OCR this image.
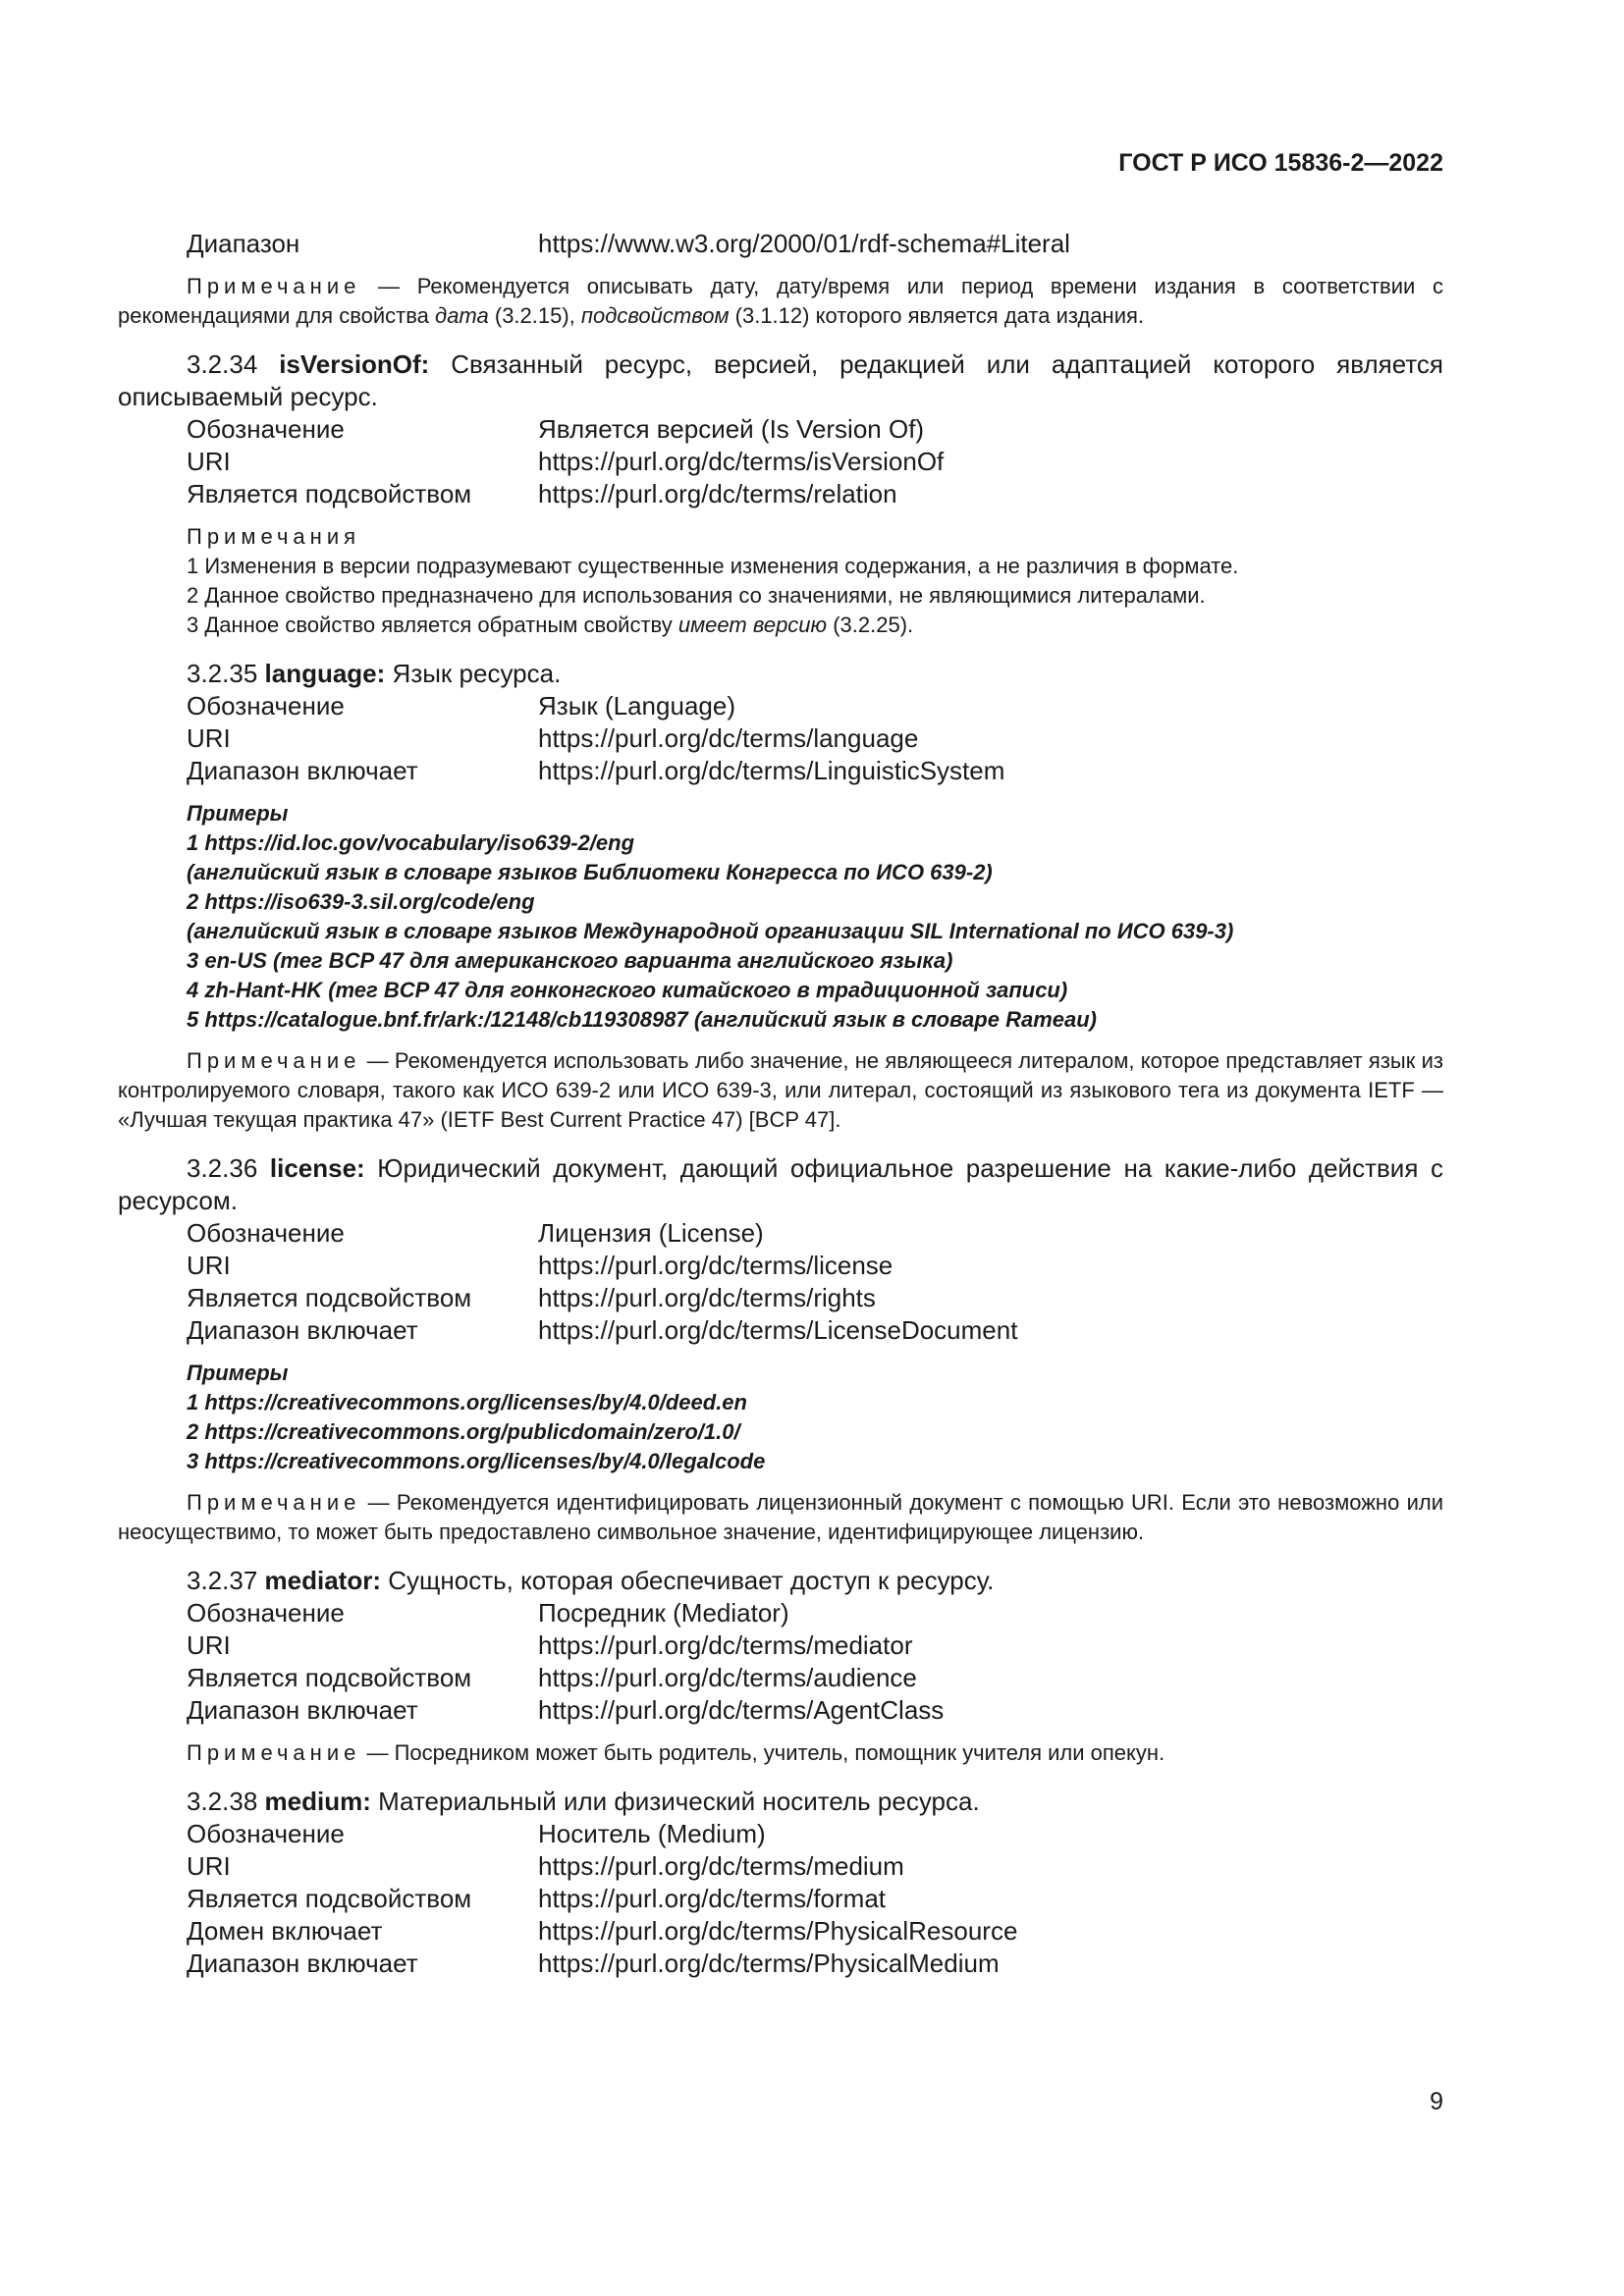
ГОСТ Р ИСО 15836-2—2022
Диапазон	https://www.w3.org/2000/01/rdf-schema#Literal

Примечание — Рекомендуется описывать дату, дату/время или период времени издания в соответствии с рекомендациями для свойства дата (3.2.15), подсвойством (3.1.12) которого является дата издания.

3.2.34 isVersionOf: Связанный ресурс, версией, редакцией или адаптацией которого является описываемый ресурс.

Обозначение	Является версией (Is Version Of)
URI	https://purl.org/dc/terms/isVersionOf
Является подсвойством	https://purl.org/dc/terms/relation

Примечания

1 Изменения в версии подразумевают существенные изменения содержания, а не различия в формате.

2 Данное свойство предназначено для использования со значениями, не являющимися литералами.

3 Данное свойство является обратным свойству имеет версию (3.2.25).

3.2.35 language: Язык ресурса.

Обозначение	Язык (Language)
URI	https://purl.org/dc/terms/language
Диапазон включает	https://purl.org/dc/terms/LinguisticSystem

Примеры

1 https://id.loc.gov/vocabulary/iso639-2/eng

(английский язык в словаре языков Библиотеки Конгресса по ИСО 639-2)

2 https://iso639-3.sil.org/code/eng

(английский язык в словаре языков Международной организации SIL International по ИСО 639-3)

3 en-US (тег BCP 47 для американского варианта английского языка)

4 zh-Hant-HK (тег BCP 47 для гонконгского китайского в традиционной записи)

5 https://catalogue.bnf.fr/ark:/12148/cb119308987 (английский язык в словаре Rameau)

Примечание — Рекомендуется использовать либо значение, не являющееся литералом, которое представляет язык из контролируемого словаря, такого как ИСО 639-2 или ИСО 639-3, или литерал, состоящий из языкового тега из документа IETF — «Лучшая текущая практика 47» (IETF Best Current Practice 47) [BCP 47].

3.2.36 license: Юридический документ, дающий официальное разрешение на какие-либо действия с ресурсом.

Обозначение	Лицензия (License)
URI	https://purl.org/dc/terms/license
Является подсвойством	https://purl.org/dc/terms/rights
Диапазон включает	https://purl.org/dc/terms/LicenseDocument

Примеры

1 https://creativecommons.org/licenses/by/4.0/deed.en

2 https://creativecommons.org/publicdomain/zero/1.0/

3 https://creativecommons.org/licenses/by/4.0/legalcode

Примечание — Рекомендуется идентифицировать лицензионный документ с помощью URI. Если это невозможно или неосуществимо, то может быть предоставлено символьное значение, идентифицирующее лицензию.

3.2.37 mediator: Сущность, которая обеспечивает доступ к ресурсу.

Обозначение	Посредник (Mediator)
URI	https://purl.org/dc/terms/mediator
Является подсвойством	https://purl.org/dc/terms/audience
Диапазон включает	https://purl.org/dc/terms/AgentClass

Примечание — Посредником может быть родитель, учитель, помощник учителя или опекун.

3.2.38 medium: Материальный или физический носитель ресурса.

Обозначение	Носитель (Medium)
URI	https://purl.org/dc/terms/medium
Является подсвойством	https://purl.org/dc/terms/format
Домен включает	https://purl.org/dc/terms/PhysicalResource
Диапазон включает	https://purl.org/dc/terms/PhysicalMedium
9
